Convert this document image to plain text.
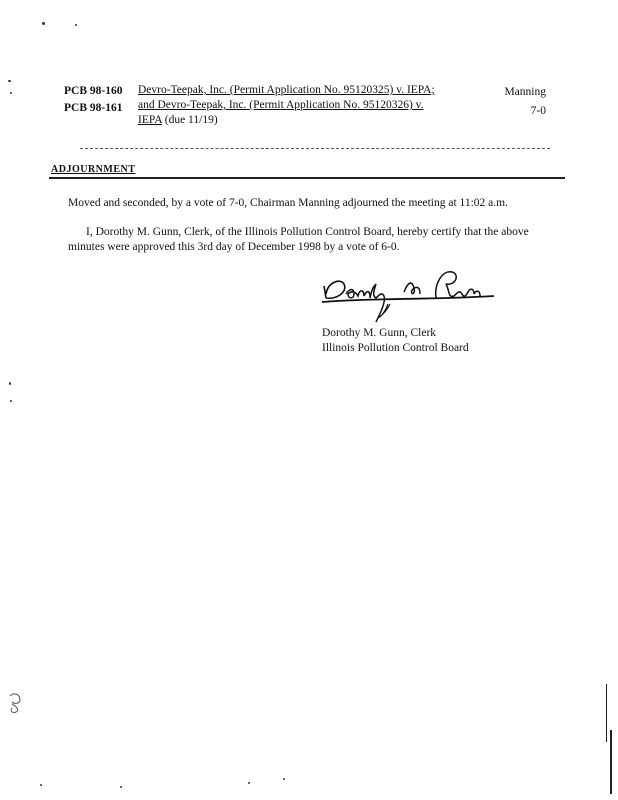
PCB 98-160
PCB 98-161
Devro-Teepak, Inc. (Permit Application No. 95120325) v. IEPA;
and Devro-Teepak, Inc. (Permit Application No. 95120326) v.
IEPA (due 11/19)
Manning
7-0
ADJOURNMENT
Moved and seconded, by a vote of 7-0, Chairman Manning adjourned the meeting at 11:02 a.m.
I, Dorothy M. Gunn, Clerk, of the Illinois Pollution Control Board, hereby certify that the above minutes were approved this 3rd day of December 1998 by a vote of 6-0.
Dorothy M. Gunn, Clerk
Illinois Pollution Control Board
